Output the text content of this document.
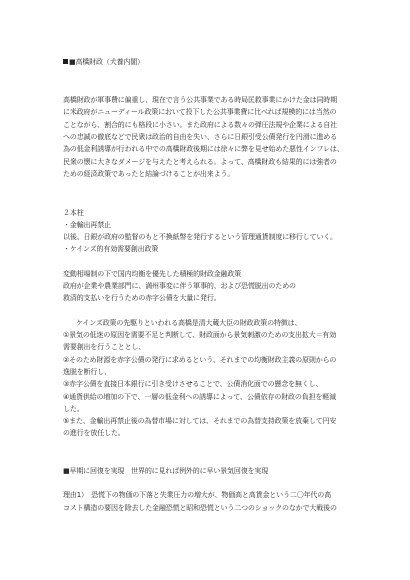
■高橋財政（犬養内閣）
高橋財政が軍事費に偏重し、現在で言う公共事業である時局匡救事業にかけた金は同時期
に米政府がニューディール政策において投下した公共事業費に比べれば規模的には当然の
ことながら、割合的にも格段に小さい。また政府による数々の弾圧法規や企業による自社
への忠誠の徹底などで民衆は政治的自由を失い、さらに日銀引受公債発行を円滑に進める
為の低金利誘導が行われる中での高橋財政後期には徐々に弊を見せ始めた悪性インフレは、
民衆の懐に大きなダメージを与えたと考えられる。よって、高橋財政も結果的には強者の
ための経済政策であったと結論づけることが出来よう。
２本柱
・金輸出再禁止
以後、日銀が政府の監督のもと不換紙幣を発行するという管理通貨制度に移行していく。
・ケインズ的有効需要創出政策
変動相場制の下で国内均衡を優先した積極的財政金融政策
政府が企業や農業部門に、満州事変に伴う軍事的、および恐慌脱出のための
救済的支払いを行うための赤字公債を大量に発行。
ケインズ政策の先駆りといわれる高橋是清大蔵大臣の財政政策の特徴は、
①景気の低迷の原因を需要不足と判断して、財政面から景気刺激のための支出拡大＝有効
需要創出を行うこととし、
②そのため財源を赤字公債の発行に求めるという、それまでの均衡財政主義の原則からの
逸脱を断行し、
③赤字公債を直接日本銀行に引き受けさせることで、公債消化面での懸念を無くし、
④通貨供給の増加の下で、一層の低金利への誘導によって、公債依存の財政の負担を軽減
した。
⑤また、金輸出再禁止後の為替市場に対しては、それまでの為替支持政策を放棄して円安
の進行を放任した。
■早期に回復を実現　世界的に見れば例外的に早い景気回復を実現
理由1）　恐慌下の物価の下落と失業圧力の増大が、物価高と高賃金という二〇年代の高
コスト構造の要因を除去した金融恐慌と昭和恐慌という二つのショックのなかで大戦後の
